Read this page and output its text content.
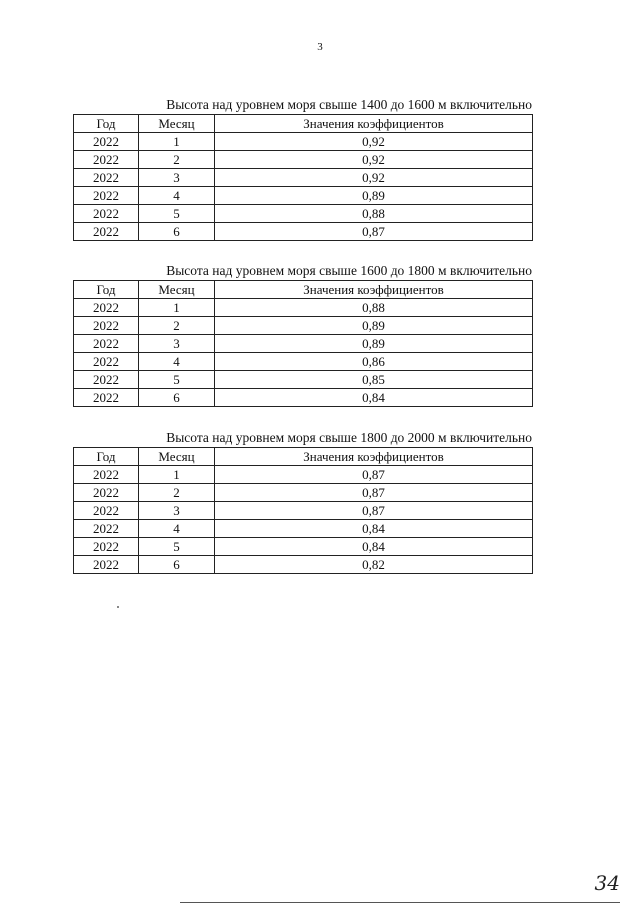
3
Высота над уровнем моря свыше 1400 до 1600 м включительно
Год	Месяц	Значения коэффициентов
2022	1	0,92
2022	2	0,92
2022	3	0,92
2022	4	0,89
2022	5	0,88
2022	6	0,87
Высота над уровнем моря свыше 1600 до 1800 м включительно
Год	Месяц	Значения коэффициентов
2022	1	0,88
2022	2	0,89
2022	3	0,89
2022	4	0,86
2022	5	0,85
2022	6	0,84
Высота над уровнем моря свыше 1800 до 2000 м включительно
Год	Месяц	Значения коэффициентов
2022	1	0,87
2022	2	0,87
2022	3	0,87
2022	4	0,84
2022	5	0,84
2022	6	0,82
34
